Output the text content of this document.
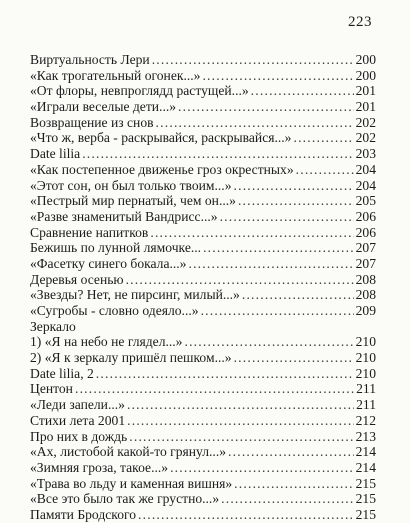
223
Виртуальность Лери .....	200
«Как трогательный огонек...» .....	200
«От флоры, невпроглядд растущей...» .....	201
«Играли веселые дети...» .....	201
Возвращение из снов .....	202
«Что ж, верба - раскрывайся, раскрывайся...» .....	202
Date lilia .....	203
«Как постепенное движенье гроз окрестных» .....	204
«Этот сон, он был только твоим...» .....	204
«Пестрый мир пернатый, чем он...» .....	205
«Разве знаменитый Вандрисс...» .....	206
Сравнение напитков .....	206
Бежишь по лунной лямочке... .....	207
«Фасетку синего бокала...» .....	207
Деревья осенью .....	208
«Звезды? Нет, не пирсинг, милый...» .....	208
«Сугробы - словно одеяло...» .....	209
Зеркало
1) «Я на небо не глядел...» .....	210
2) «Я к зеркалу пришёл пешком...» .....	210
Date lilia, 2 .....	210
Центон .....	211
«Леди запели...» .....	211
Стихи лета 2001 .....	212
Про них в дождь .....	213
«Ах, листобой какой-то грянул...» .....	214
«Зимняя гроза, такое...» .....	214
«Трава во льду и каменная вишня» .....	215
«Все это было так же грустно...» .....	215
Памяти Бродского .....	215
